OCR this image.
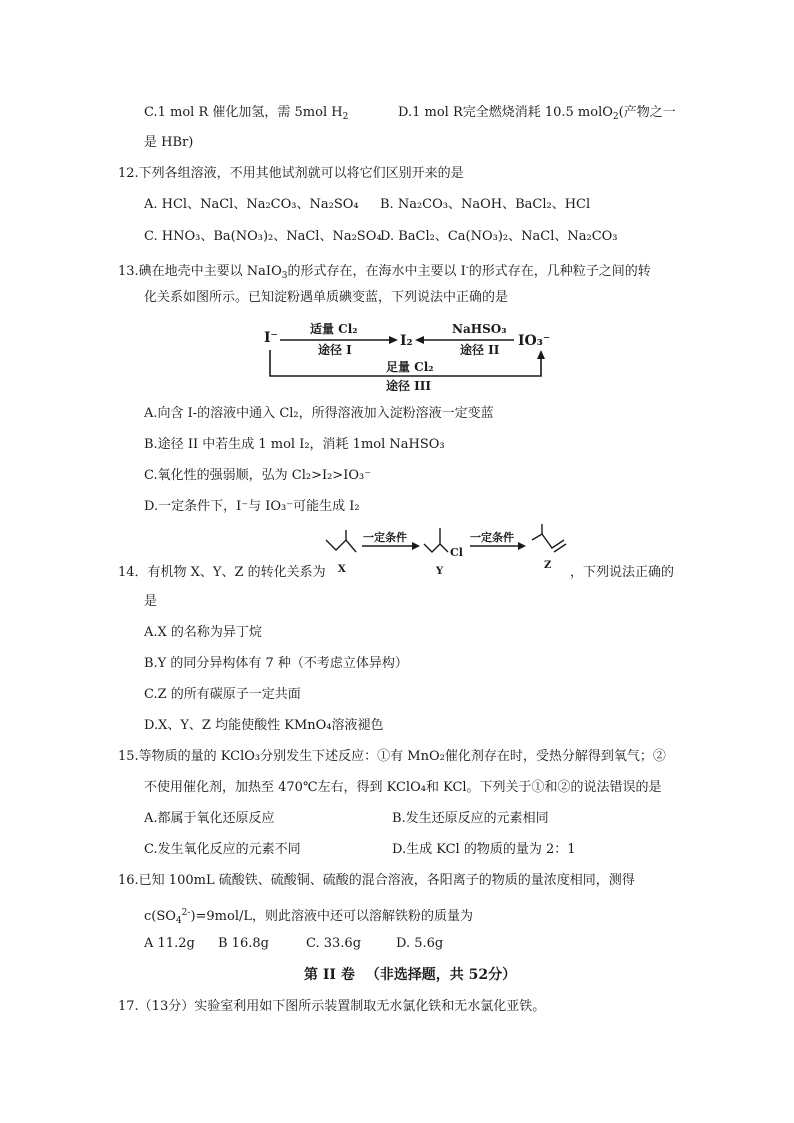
C.1 mol R 催化加氢，需 5mol $H_2$	D.1 mol R完全燃烧消耗 10.5 molO$_2$(产物之一
是 HBr)
12.下列各组溶液，不用其他试剂就可以将它们区别开来的是
A. HCl、NaCl、Na₂CO₃、Na₂SO₄ B. Na₂CO₃、NaOH、BaCl₂、HCl
C. HNO₃、Ba(NO₃)₂、NaCl、Na₂SO₄
D. BaCl₂、Ca(NO₃)₂、NaCl、Na₂CO₃
13.碘在地壳中主要以 NaIO$_3$的形式存在，在海水中主要以 I-的形式存在，几种粒子之间的转
化关系如图所示。已知淀粉遇单质碘变蓝，下列说法中正确的是
I⁻	I₂	IO₃⁻
适量 Cl₂
途径 I
NaHSO₃
途径 II
足量 Cl₂
途径 III
A.向含 I-的溶液中通入 Cl₂，所得溶液加入淀粉溶液一定变蓝
B.途径 II 中若生成 1 mol I₂，消耗 1mol NaHSO₃
C.氧化性的强弱顺，弘为 Cl₂>I₂>IO₃⁻
D.一定条件下，I⁻与 IO₃⁻可能生成 I₂
X
一定条件
Cl
Y
一定条件
Z
14．有机物 X、Y、Z 的转化关系为	，下列说法正确的
是
A.X 的名称为异丁烷
B.Y 的同分异构体有 7 种（不考虑立体异构）
C.Z 的所有碳原子一定共面
D.X、Y、Z 均能使酸性 KMnO₄溶液褪色
15.等物质的量的 KClO₃分别发生下述反应：①有 MnO₂催化剂存在时，受热分解得到氧气；②
不使用催化剂，加热至 470℃左右，得到 KClO₄和 KCl。下列关于①和②的说法错误的是
A.都属于氧化还原反应	B.发生还原反应的元素相同
C.发生氧化反应的元素不同	D.生成 KCl 的物质的量为 2：1
16.已知 100mL 硫酸铁、硫酸铜、硫酸的混合溶液，各阳离子的物质的量浓度相同，测得
$c(SO_4^{2-})=9mol/L$，则此溶液中还可以溶解铁粉的质量为
A 11.2g B 16.8g	C. 33.6g	D. 5.6g
第 II 卷 （非选择题，共 52分）
17.（13分）实验室利用如下图所示装置制取无水氯化铁和无水氯化亚铁。
